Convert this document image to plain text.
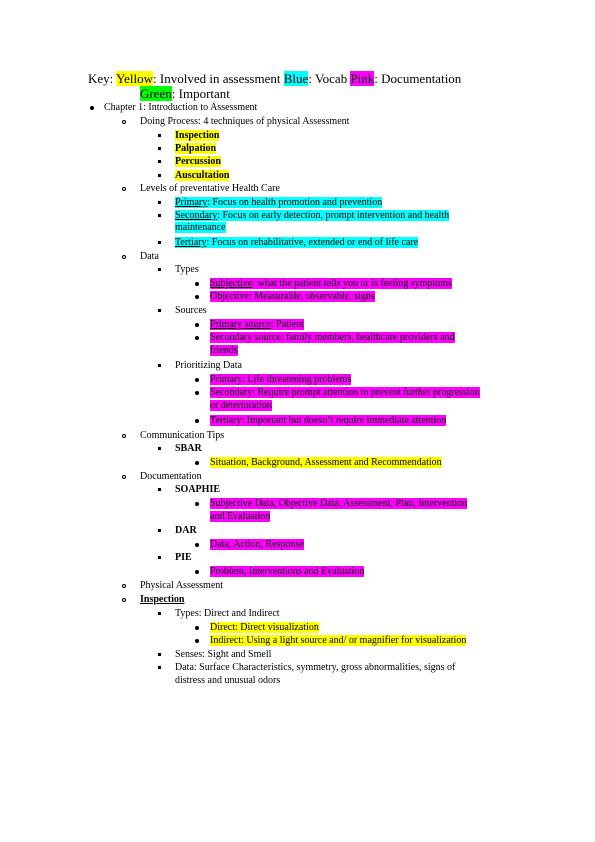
Key: Yellow: Involved in assessment Blue: Vocab Pink: Documentation
Green: Important
Chapter 1: Introduction to Assessment
Doing Process: 4 techniques of physical Assessment
Inspection
Palpation
Percussion
Auscultation
Levels of preventative Health Care
Primary: Focus on health promotion and prevention
Secondary: Focus on early detection, prompt intervention and health
maintenance
Tertiary: Focus on rehabilitative, extended or end of life care
Data
Types
Subjective: what the patient tells you or is feeling symptoms
Objective: Measurable, observable, signs
Sources
Primary source: Patient
Secondary source: family members, healthcare providers and
friends
Prioritizing Data
Primary: Life threatening problems
Secondary: Require prompt attention to prevent further progression
or deterioration
Tertiary: Important but doesn’t require immediate attention
Communication Tips
SBAR
Situation, Background, Assessment and Recommendation
Documentation
SOAPHIE
Subjective Data, Objective Data, Assessment, Plan, Intervention
and Evaluation
DAR
Data, Action, Response
PIE
Problem, Interventions and Evaluation
Physical Assessment
Inspection
Types: Direct and Indirect
Direct: Direct visualization
Indirect: Using a light source and/ or magnifier for visualization
Senses: Sight and Smell
Data: Surface Characteristics, symmetry, gross abnormalities, signs of
distress and unusual odors
